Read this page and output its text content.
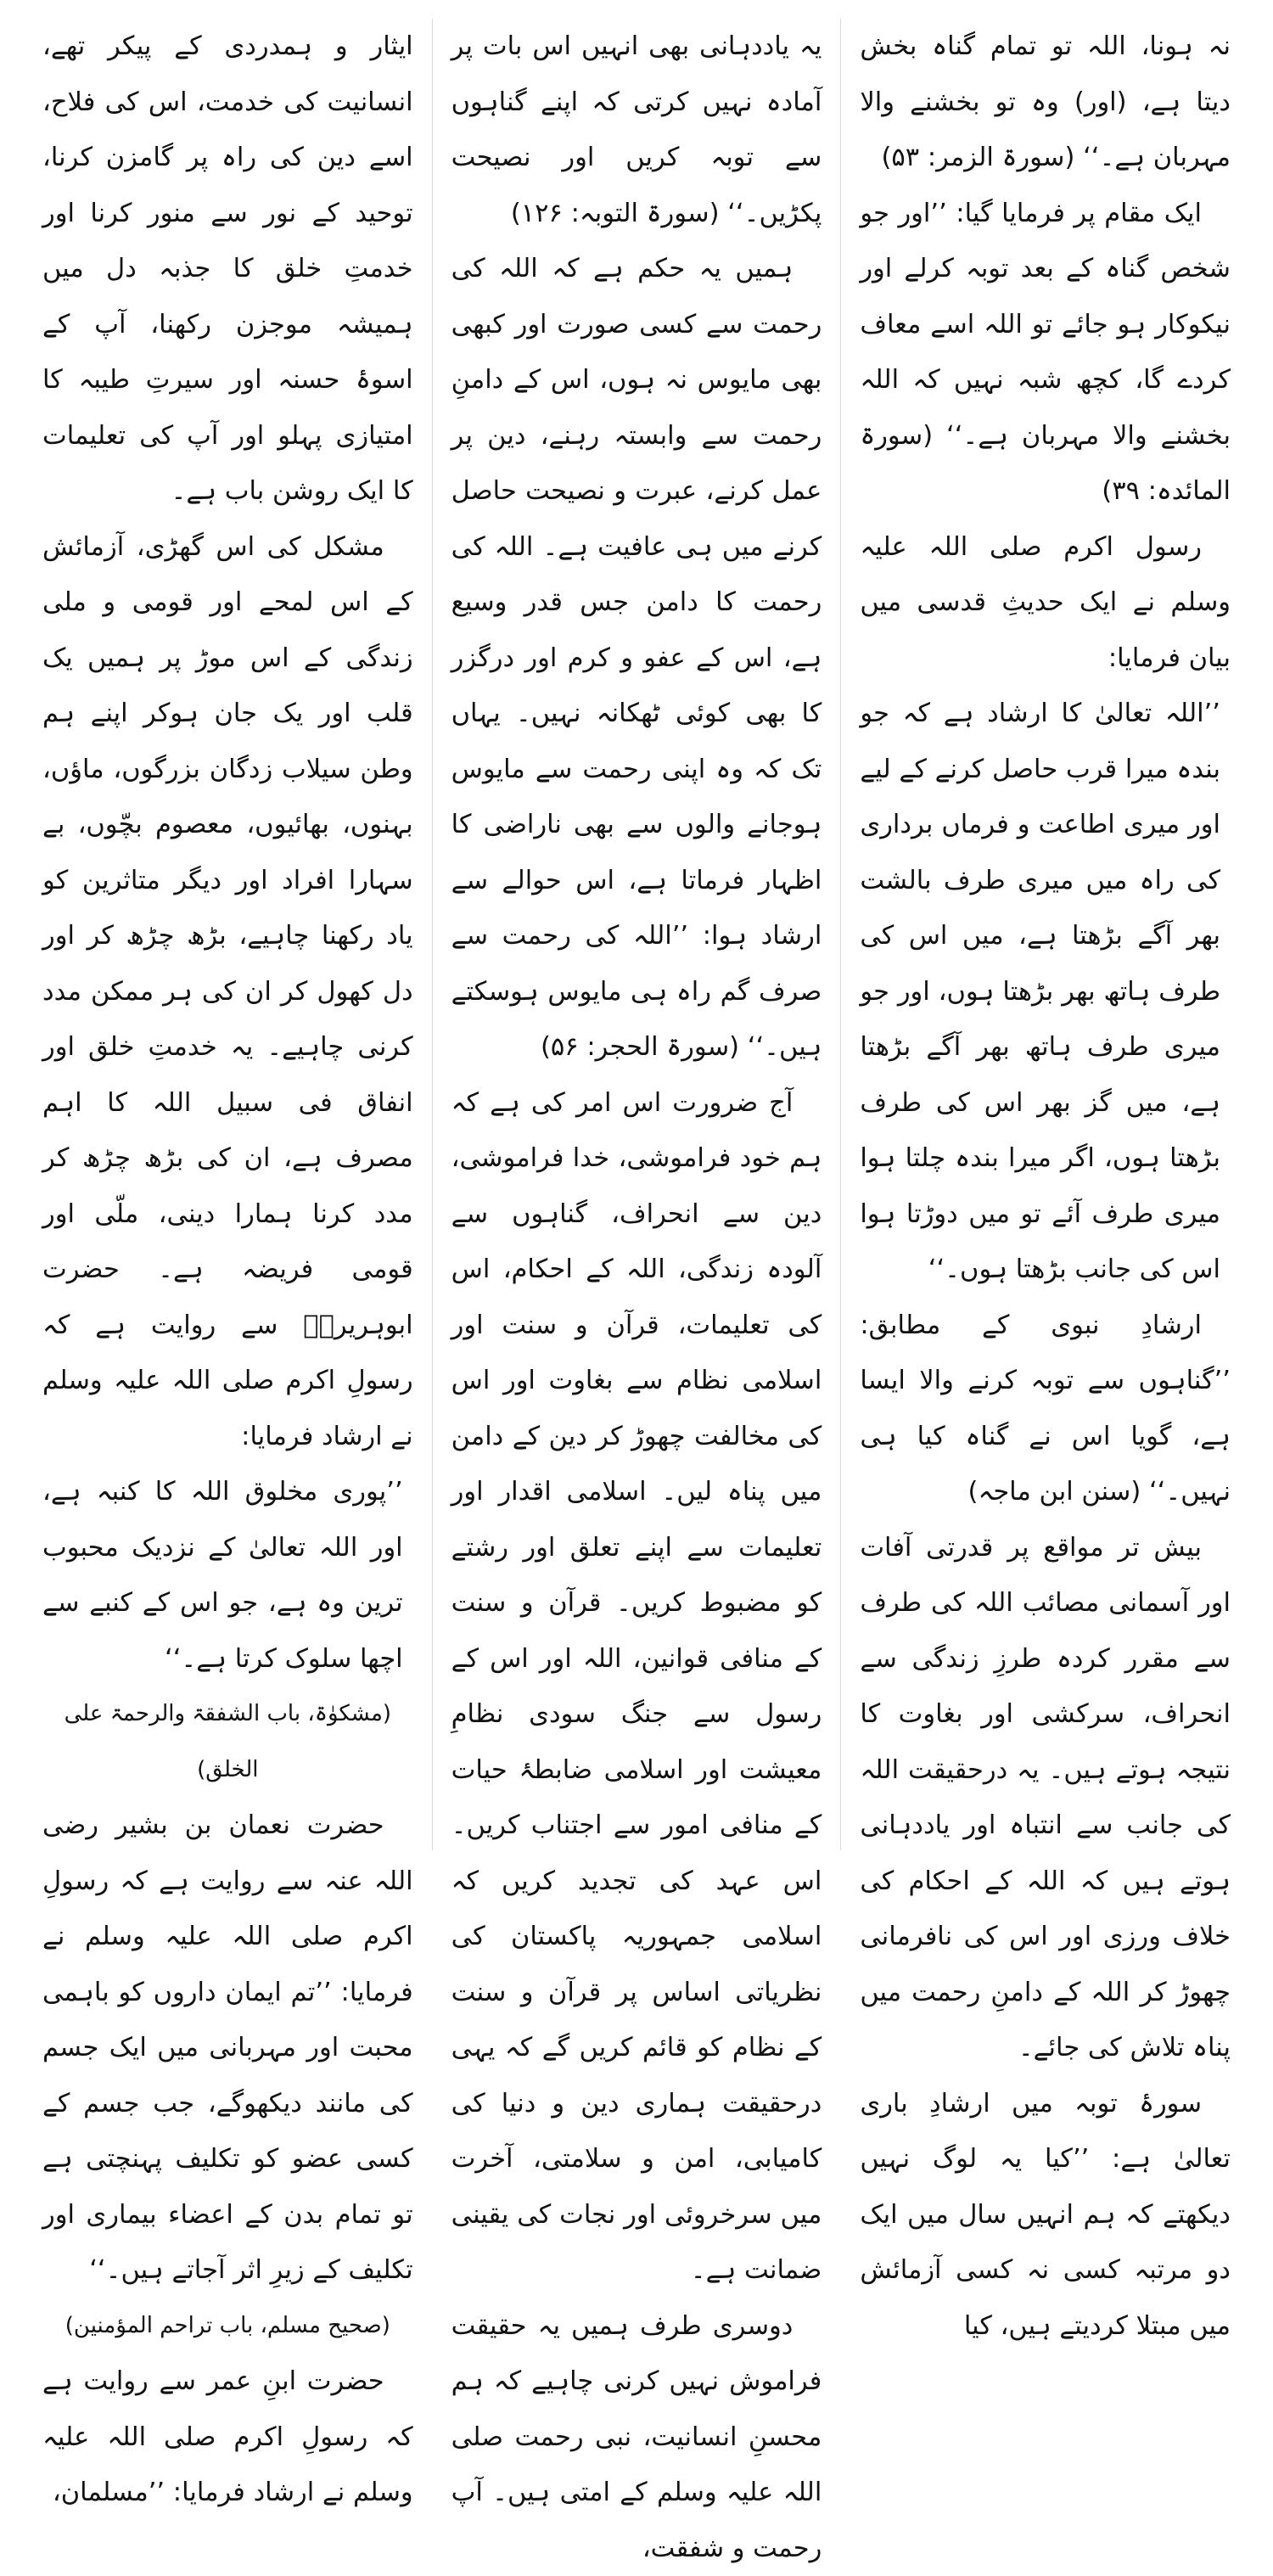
نہ ہونا، اللہ تو تمام گناہ بخش دیتا ہے، (اور) وہ تو بخشنے والا مہربان ہے۔‘‘ (سورۃ الزمر: ۵۳)

ایک مقام پر فرمایا گیا: ’’اور جو شخص گناہ کے بعد توبہ کرلے اور نیکوکار ہو جائے تو اللہ اسے معاف کردے گا، کچھ شبہ نہیں کہ اللہ بخشنے والا مہربان ہے۔‘‘ (سورۃ المائدہ: ۳۹)

رسول اکرم صلی اللہ علیہ وسلم نے ایک حدیثِ قدسی میں بیان فرمایا:

’’اللہ تعالیٰ کا ارشاد ہے کہ جو بندہ میرا قرب حاصل کرنے کے لیے اور میری اطاعت و فرماں برداری کی راہ میں میری طرف بالشت بھر آگے بڑھتا ہے، میں اس کی طرف ہاتھ بھر بڑھتا ہوں، اور جو میری طرف ہاتھ بھر آگے بڑھتا ہے، میں گز بھر اس کی طرف بڑھتا ہوں، اگر میرا بندہ چلتا ہوا میری طرف آئے تو میں دوڑتا ہوا اس کی جانب بڑھتا ہوں۔‘‘

ارشادِ نبوی کے مطابق: ’’گناہوں سے توبہ کرنے والا ایسا ہے، گویا اس نے گناہ کیا ہی نہیں۔‘‘ (سنن ابن ماجہ)

بیش تر مواقع پر قدرتی آفات اور آسمانی مصائب اللہ کی طرف سے مقرر کردہ طرزِ زندگی سے انحراف، سرکشی اور بغاوت کا نتیجہ ہوتے ہیں۔ یہ درحقیقت اللہ کی جانب سے انتباہ اور یاددہانی ہوتے ہیں کہ اللہ کے احکام کی خلاف ورزی اور اس کی نافرمانی چھوڑ کر اللہ کے دامنِ رحمت میں پناہ تلاش کی جائے۔

سورۂ توبہ میں ارشادِ باری تعالیٰ ہے: ’’کیا یہ لوگ نہیں دیکھتے کہ ہم انہیں سال میں ایک دو مرتبہ کسی نہ کسی آزمائش میں مبتلا کردیتے ہیں، کیا

یہ یاددہانی بھی انہیں اس بات پر آمادہ نہیں کرتی کہ اپنے گناہوں سے توبہ کریں اور نصیحت پکڑیں۔‘‘ (سورۃ التوبہ: ۱۲۶)

ہمیں یہ حکم ہے کہ اللہ کی رحمت سے کسی صورت اور کبھی بھی مایوس نہ ہوں، اس کے دامنِ رحمت سے وابستہ رہنے، دین پر عمل کرنے، عبرت و نصیحت حاصل کرنے میں ہی عافیت ہے۔ اللہ کی رحمت کا دامن جس قدر وسیع ہے، اس کے عفو و کرم اور درگزر کا بھی کوئی ٹھکانہ نہیں۔ یہاں تک کہ وہ اپنی رحمت سے مایوس ہوجانے والوں سے بھی ناراضی کا اظہار فرماتا ہے، اس حوالے سے ارشاد ہوا: ’’اللہ کی رحمت سے صرف گم راہ ہی مایوس ہوسکتے ہیں۔‘‘ (سورۃ الحجر: ۵۶)

آج ضرورت اس امر کی ہے کہ ہم خود فراموشی، خدا فراموشی، دین سے انحراف، گناہوں سے آلودہ زندگی، اللہ کے احکام، اس کی تعلیمات، قرآن و سنت اور اسلامی نظام سے بغاوت اور اس کی مخالفت چھوڑ کر دین کے دامن میں پناہ لیں۔ اسلامی اقدار اور تعلیمات سے اپنے تعلق اور رشتے کو مضبوط کریں۔ قرآن و سنت کے منافی قوانین، اللہ اور اس کے رسول سے جنگ سودی نظامِ معیشت اور اسلامی ضابطۂ حیات کے منافی امور سے اجتناب کریں۔ اس عہد کی تجدید کریں کہ اسلامی جمہوریہ پاکستان کی نظریاتی اساس پر قرآن و سنت کے نظام کو قائم کریں گے کہ یہی درحقیقت ہماری دین و دنیا کی کامیابی، امن و سلامتی، آخرت میں سرخروئی اور نجات کی یقینی ضمانت ہے۔

دوسری طرف ہمیں یہ حقیقت فراموش نہیں کرنی چاہیے کہ ہم محسنِ انسانیت، نبی رحمت صلی اللہ علیہ وسلم کے امتی ہیں۔ آپ رحمت و شفقت،

ایثار و ہمدردی کے پیکر تھے، انسانیت کی خدمت، اس کی فلاح، اسے دین کی راہ پر گامزن کرنا، توحید کے نور سے منور کرنا اور خدمتِ خلق کا جذبہ دل میں ہمیشہ موجزن رکھنا، آپ کے اسوۂ حسنہ اور سیرتِ طیبہ کا امتیازی پہلو اور آپ کی تعلیمات کا ایک روشن باب ہے۔

مشکل کی اس گھڑی، آزمائش کے اس لمحے اور قومی و ملی زندگی کے اس موڑ پر ہمیں یک قلب اور یک جان ہوکر اپنے ہم وطن سیلاب زدگان بزرگوں، ماؤں، بہنوں، بھائیوں، معصوم بچّوں، بے سہارا افراد اور دیگر متاثرین کو یاد رکھنا چاہیے، بڑھ چڑھ کر اور دل کھول کر ان کی ہر ممکن مدد کرنی چاہیے۔ یہ خدمتِ خلق اور انفاق فی سبیل اللہ کا اہم مصرف ہے، ان کی بڑھ چڑھ کر مدد کرنا ہمارا دینی، ملّی اور قومی فریضہ ہے۔ حضرت ابوہریرہؓ سے روایت ہے کہ رسولِ اکرم صلی اللہ علیہ وسلم نے ارشاد فرمایا:

’’پوری مخلوق اللہ کا کنبہ ہے، اور اللہ تعالیٰ کے نزدیک محبوب ترین وہ ہے، جو اس کے کنبے سے اچھا سلوک کرتا ہے۔‘‘

(مشکوٰۃ، باب الشفقۃ والرحمۃ علی الخلق)

حضرت نعمان بن بشیر رضی اللہ عنہ سے روایت ہے کہ رسولِ اکرم صلی اللہ علیہ وسلم نے فرمایا: ’’تم ایمان داروں کو باہمی محبت اور مہربانی میں ایک جسم کی مانند دیکھوگے، جب جسم کے کسی عضو کو تکلیف پہنچتی ہے تو تمام بدن کے اعضاء بیماری اور تکلیف کے زیرِ اثر آجاتے ہیں۔‘‘

(صحیح مسلم، باب تراحم المؤمنین)

حضرت ابنِ عمر سے روایت ہے کہ رسولِ اکرم صلی اللہ علیہ وسلم نے ارشاد فرمایا: ’’مسلمان،
